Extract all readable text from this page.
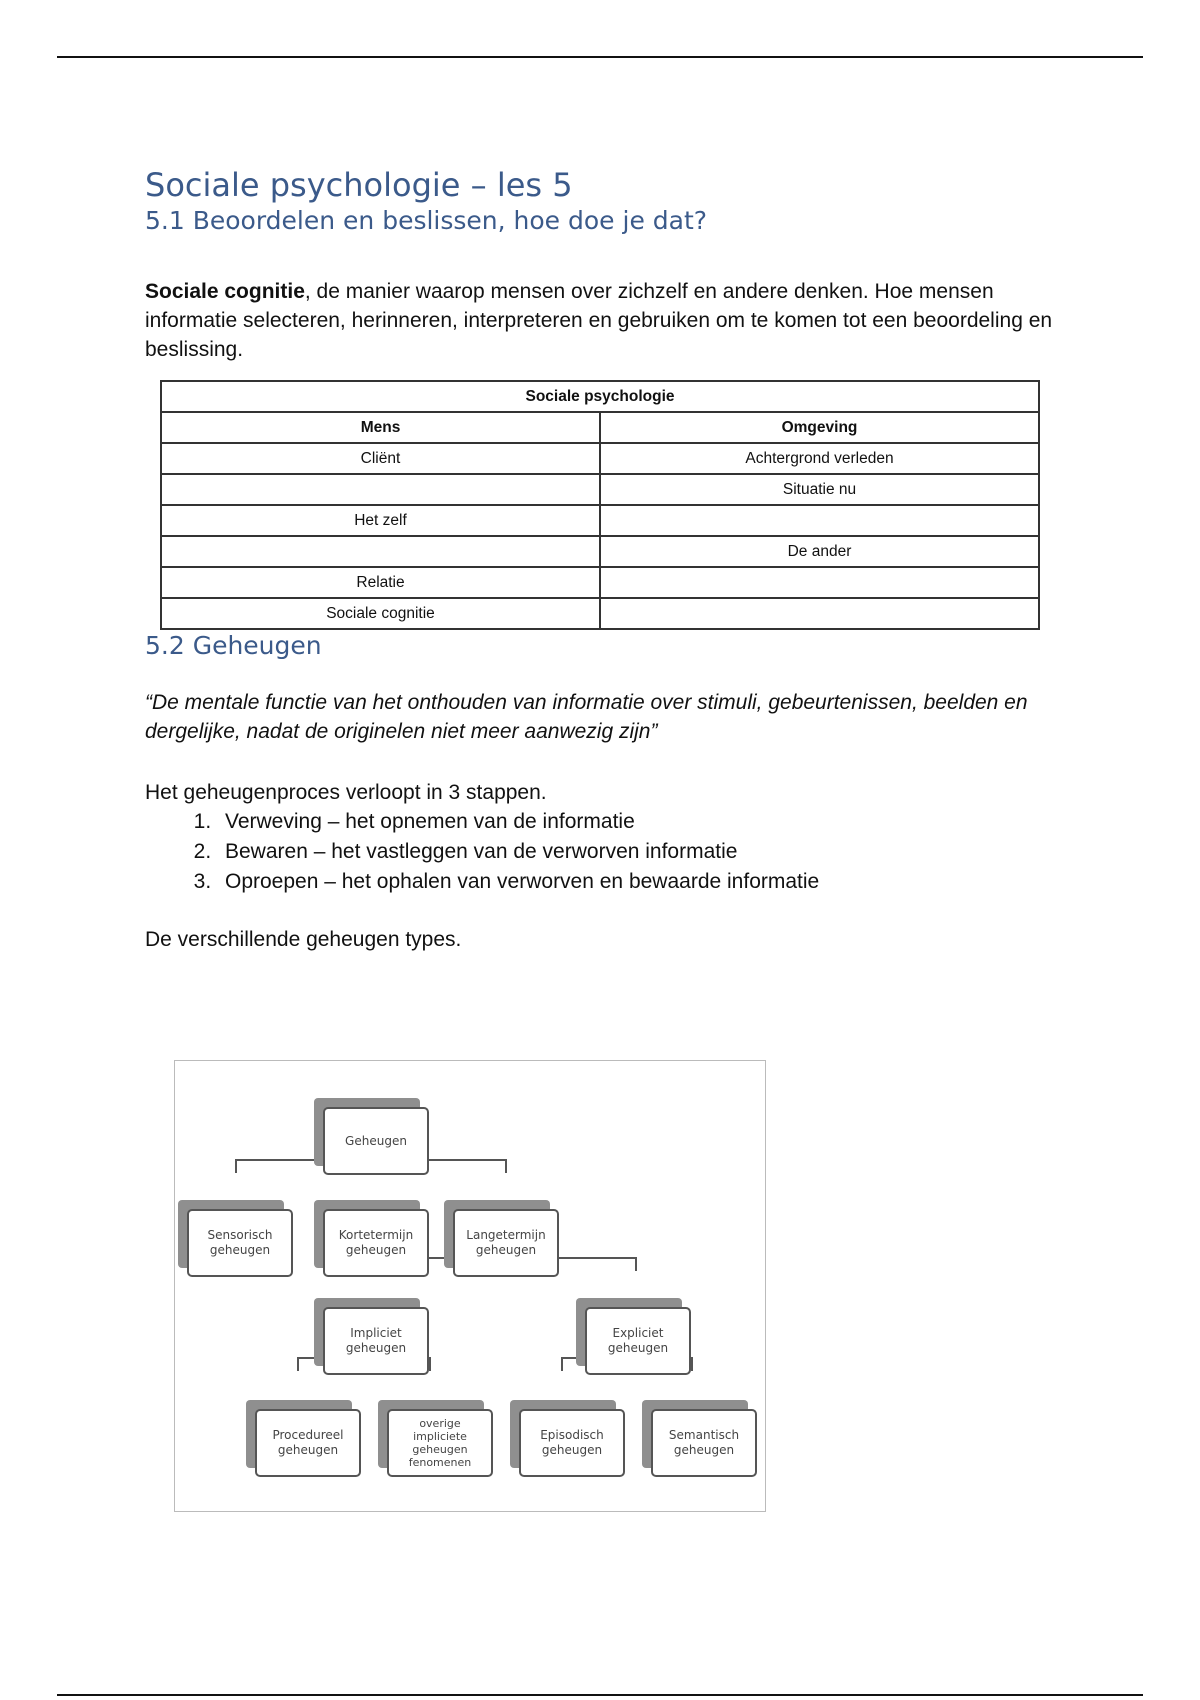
Sociale psychologie – les 5
5.1 Beoordelen en beslissen, hoe doe je dat?

Sociale cognitie, de manier waarop mensen over zichzelf en andere denken. Hoe mensen informatie selecteren, herinneren, interpreteren en gebruiken om te komen tot een beoordeling en beslissing.

Sociale psychologie	
Mens	Omgeving
Cliënt	Achtergrond verleden
	Situatie nu
Het zelf	
	De ander
Relatie	
Sociale cognitie	
5.2 Geheugen

“De mentale functie van het onthouden van informatie over stimuli, gebeurtenissen, beelden en dergelijke, nadat de originelen niet meer aanwezig zijn”

Het geheugenproces verloopt in 3 stappen.

1. Verweving – het opnemen van de informatie
2. Bewaren – het vastleggen van de verworven informatie
3. Oproepen – het ophalen van verworven en bewaarde informatie

De verschillende geheugen types.

Geheugen
Sensorisch
geheugen
Kortetermijn
geheugen
Langetermijn
geheugen
Impliciet
geheugen
Expliciet
geheugen
Procedureel
geheugen
overige
impliciete
geheugen
fenomenen
Episodisch
geheugen
Semantisch
geheugen
